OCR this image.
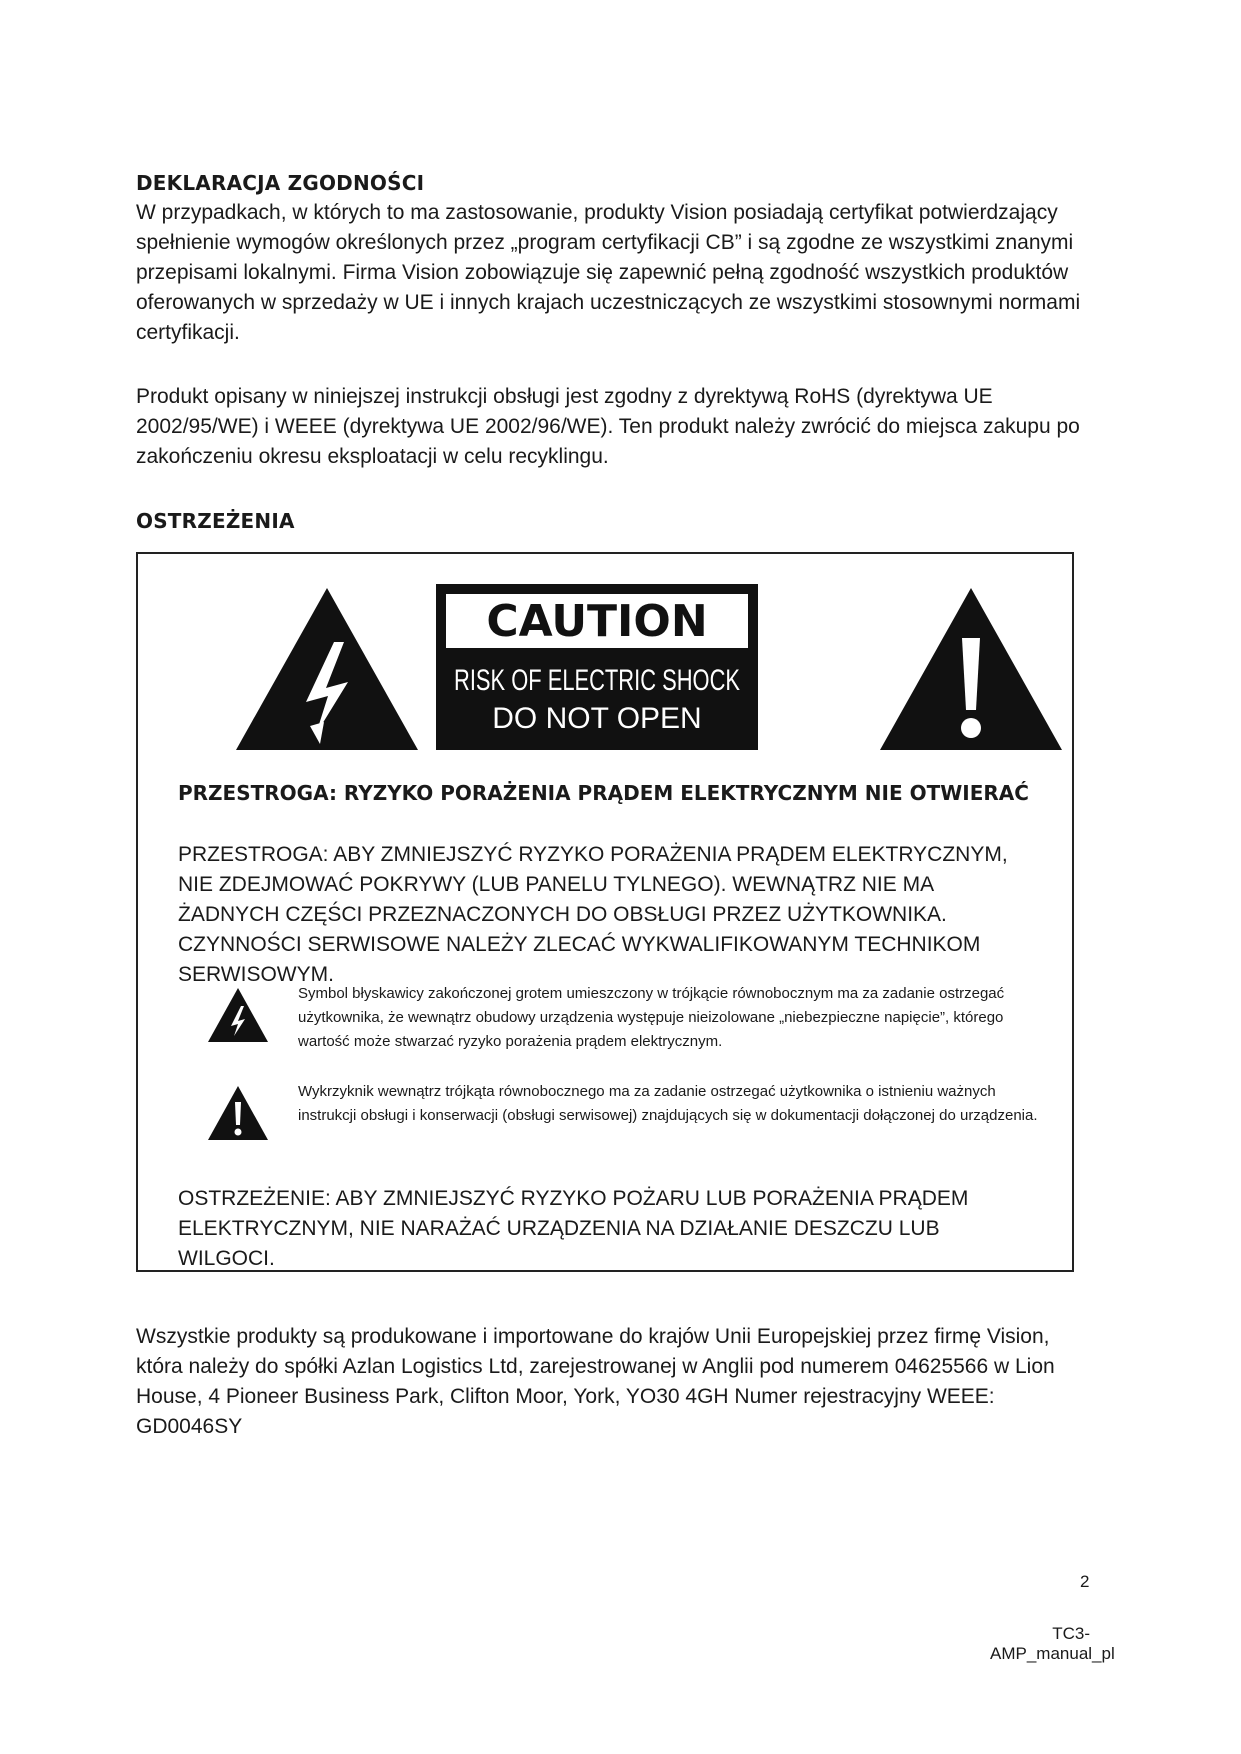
DEKLARACJA ZGODNOŚCI
W przypadkach, w których to ma zastosowanie, produkty Vision posiadają certyfikat potwierdzający spełnienie wymogów określonych przez „program certyfikacji CB” i są zgodne ze wszystkimi znanymi przepisami lokalnymi. Firma Vision zobowiązuje się zapewnić pełną zgodność wszystkich produktów oferowanych w sprzedaży w UE i innych krajach uczestniczących ze wszystkimi stosownymi normami certyfikacji.
Produkt opisany w niniejszej instrukcji obsługi jest zgodny z dyrektywą RoHS (dyrektywa UE 2002/95/WE) i WEEE (dyrektywa UE 2002/96/WE). Ten produkt należy zwrócić do miejsca zakupu po zakończeniu okresu eksploatacji w celu recyklingu.
OSTRZEŻENIA
CAUTION
RISK OF ELECTRIC SHOCK
DO NOT OPEN
PRZESTROGA: RYZYKO PORAŻENIA PRĄDEM ELEKTRYCZNYM NIE OTWIERAĆ
PRZESTROGA: ABY ZMNIEJSZYĆ RYZYKO PORAŻENIA PRĄDEM ELEKTRYCZNYM, NIE ZDEJMOWAĆ POKRYWY (LUB PANELU TYLNEGO). WEWNĄTRZ NIE MA ŻADNYCH CZĘŚCI PRZEZNACZONYCH DO OBSŁUGI PRZEZ UŻYTKOWNIKA. CZYNNOŚCI SERWISOWE NALEŻY ZLECAĆ WYKWALIFIKOWANYM TECHNIKOM SERWISOWYM.
Symbol błyskawicy zakończonej grotem umieszczony w trójkącie równobocznym ma za zadanie ostrzegać użytkownika, że wewnątrz obudowy urządzenia występuje nieizolowane „niebezpieczne napięcie”, którego wartość może stwarzać ryzyko porażenia prądem elektrycznym.
Wykrzyknik wewnątrz trójkąta równobocznego ma za zadanie ostrzegać użytkownika o istnieniu ważnych instrukcji obsługi i konserwacji (obsługi serwisowej) znajdujących się w dokumentacji dołączonej do urządzenia.
OSTRZEŻENIE: ABY ZMNIEJSZYĆ RYZYKO POŻARU LUB PORAŻENIA PRĄDEM ELEKTRYCZNYM, NIE NARAŻAĆ URZĄDZENIA NA DZIAŁANIE DESZCZU LUB WILGOCI.
Wszystkie produkty są produkowane i importowane do krajów Unii Europejskiej przez firmę Vision, która należy do spółki Azlan Logistics Ltd, zarejestrowanej w Anglii pod numerem 04625566 w Lion House, 4 Pioneer Business Park, Clifton Moor, York, YO30 4GH Numer rejestracyjny WEEE: GD0046SY
2
TC3-AMP_manual_pl
